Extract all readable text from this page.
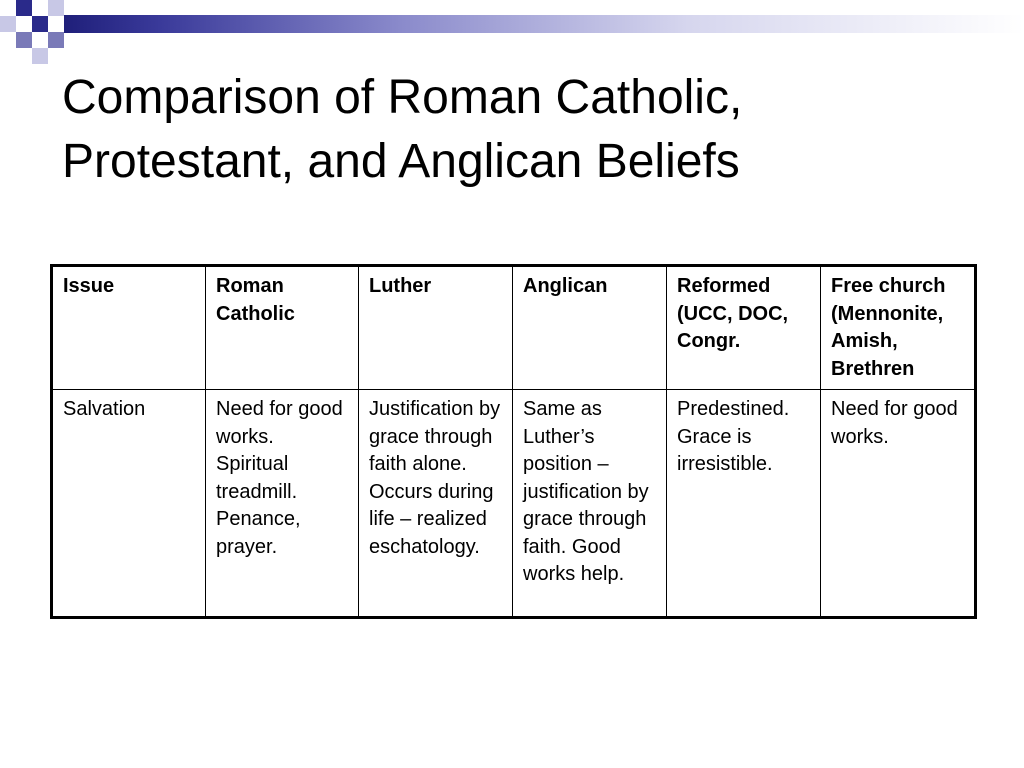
Comparison of Roman Catholic,
Protestant, and Anglican Beliefs
Issue	Roman Catholic	Luther	Anglican	Reformed (UCC, DOC, Congr.	Free church (Mennonite, Amish, Brethren
Salvation	Need for good works. Spiritual treadmill. Penance, prayer.	Justification by grace through faith alone. Occurs during life – realized eschatology.	Same as Luther’s position – justification by grace through faith. Good works help.	Predestined. Grace is irresistible.	Need for good works.
